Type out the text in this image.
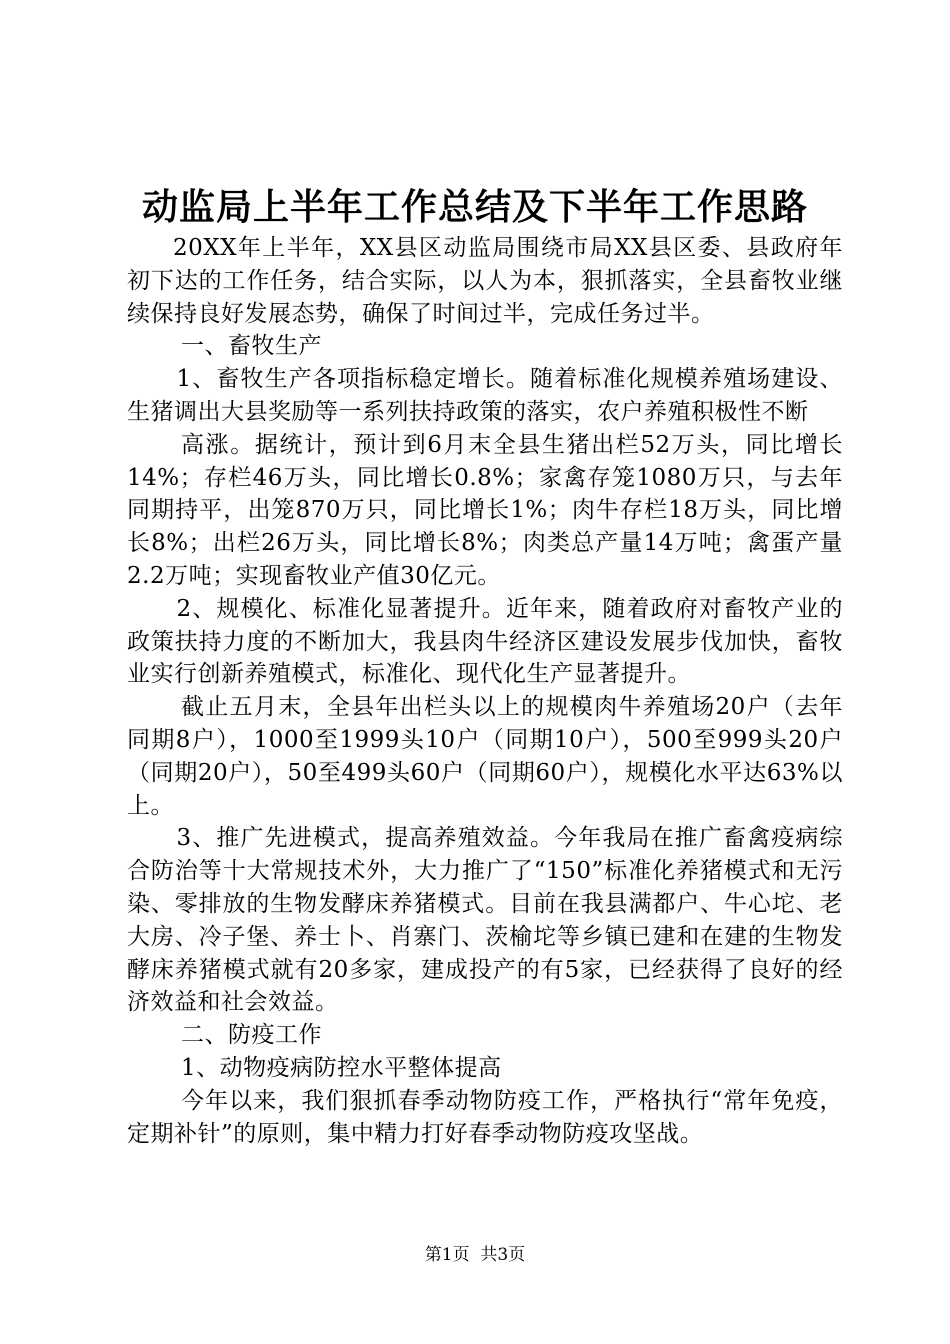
动监局上半年工作总结及下半年工作思路

20XX年上半年，XX县区动监局围绕市局XX县区委、县政府年初下达的工作任务，结合实际，以人为本，狠抓落实，全县畜牧业继续保持良好发展态势，确保了时间过半，完成任务过半。

一、畜牧生产

1、畜牧生产各项指标稳定增长。随着标准化规模养殖场建设、生猪调出大县奖励等一系列扶持政策的落实，农户养殖积极性不断

高涨。据统计，预计到6月末全县生猪出栏52万头，同比增长14%；存栏46万头，同比增长0.8%；家禽存笼1080万只，与去年同期持平，出笼870万只，同比增长1%；肉牛存栏18万头，同比增长8%；出栏26万头，同比增长8%；肉类总产量14万吨；禽蛋产量2.2万吨；实现畜牧业产值30亿元。

2、规模化、标准化显著提升。近年来，随着政府对畜牧产业的政策扶持力度的不断加大，我县肉牛经济区建设发展步伐加快，畜牧业实行创新养殖模式，标准化、现代化生产显著提升。

截止五月末，全县年出栏头以上的规模肉牛养殖场20户（去年同期8户），1000至1999头10户（同期10户），500至999头20户（同期20户），50至499头60户（同期60户），规模化水平达63%以上。

3、推广先进模式，提高养殖效益。今年我局在推广畜禽疫病综合防治等十大常规技术外，大力推广了“150”标准化养猪模式和无污染、零排放的生物发酵床养猪模式。目前在我县满都户、牛心坨、老大房、冷子堡、养士卜、肖寨门、茨榆坨等乡镇已建和在建的生物发酵床养猪模式就有20多家，建成投产的有5家，已经获得了良好的经济效益和社会效益。

二、防疫工作

1、动物疫病防控水平整体提高

今年以来，我们狠抓春季动物防疫工作，严格执行“常年免疫，定期补针”的原则，集中精力打好春季动物防疫攻坚战。

第1页 共3页
